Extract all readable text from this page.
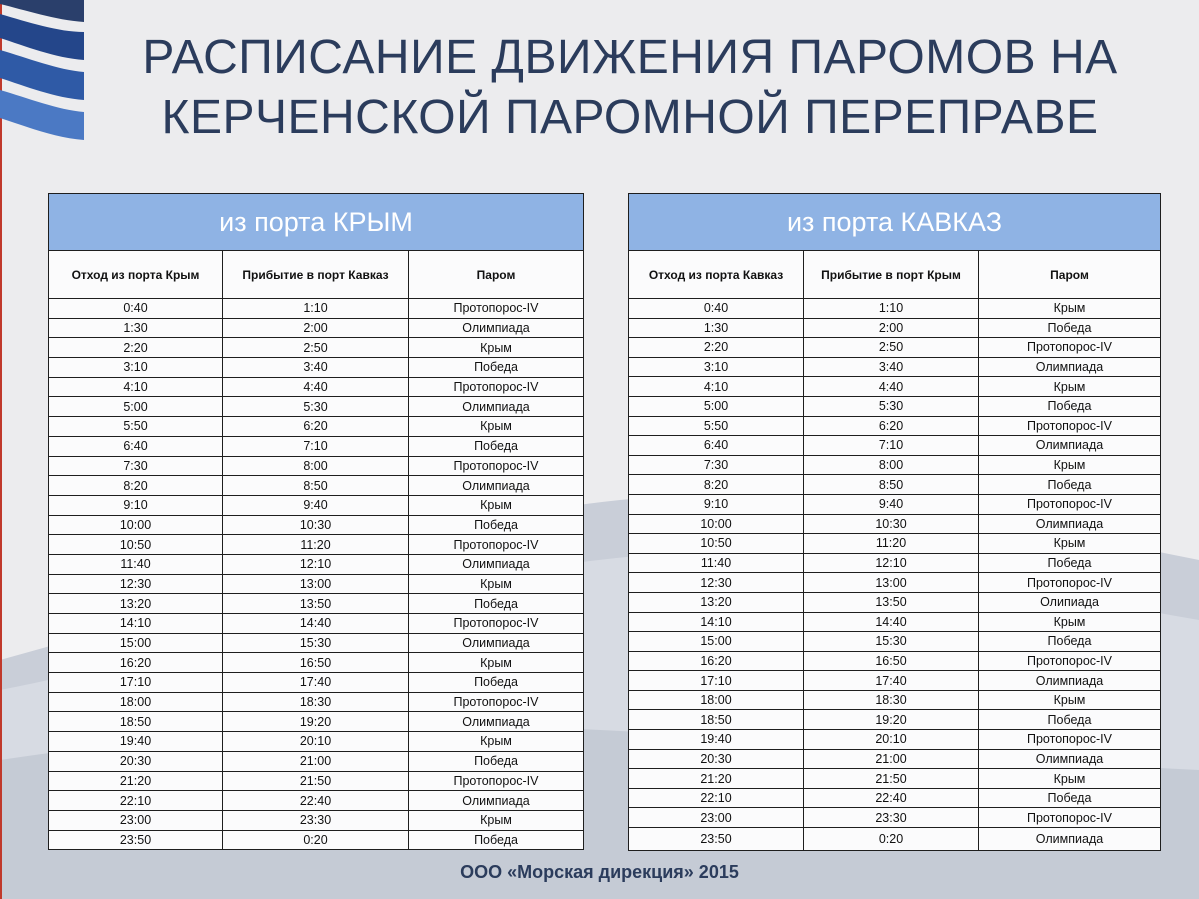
РАСПИСАНИЕ ДВИЖЕНИЯ ПАРОМОВ НА
КЕРЧЕНСКОЙ ПАРОМНОЙ ПЕРЕПРАВЕ
из порта КРЫМ		
Отход из порта Крым	Прибытие в порт Кавказ	Паром
0:40	1:10	Протопорос-IV
1:30	2:00	Олимпиада
2:20	2:50	Крым
3:10	3:40	Победа
4:10	4:40	Протопорос-IV
5:00	5:30	Олимпиада
5:50	6:20	Крым
6:40	7:10	Победа
7:30	8:00	Протопорос-IV
8:20	8:50	Олимпиада
9:10	9:40	Крым
10:00	10:30	Победа
10:50	11:20	Протопорос-IV
11:40	12:10	Олимпиада
12:30	13:00	Крым
13:20	13:50	Победа
14:10	14:40	Протопорос-IV
15:00	15:30	Олимпиада
16:20	16:50	Крым
17:10	17:40	Победа
18:00	18:30	Протопорос-IV
18:50	19:20	Олимпиада
19:40	20:10	Крым
20:30	21:00	Победа
21:20	21:50	Протопорос-IV
22:10	22:40	Олимпиада
23:00	23:30	Крым
23:50	0:20	Победа
из порта КАВКАЗ		
Отход из порта Кавказ	Прибытие в порт Крым	Паром
0:40	1:10	Крым
1:30	2:00	Победа
2:20	2:50	Протопорос-IV
3:10	3:40	Олимпиада
4:10	4:40	Крым
5:00	5:30	Победа
5:50	6:20	Протопорос-IV
6:40	7:10	Олимпиада
7:30	8:00	Крым
8:20	8:50	Победа
9:10	9:40	Протопорос-IV
10:00	10:30	Олимпиада
10:50	11:20	Крым
11:40	12:10	Победа
12:30	13:00	Протопорос-IV
13:20	13:50	Олипиада
14:10	14:40	Крым
15:00	15:30	Победа
16:20	16:50	Протопорос-IV
17:10	17:40	Олимпиада
18:00	18:30	Крым
18:50	19:20	Победа
19:40	20:10	Протопорос-IV
20:30	21:00	Олимпиада
21:20	21:50	Крым
22:10	22:40	Победа
23:00	23:30	Протопорос-IV
23:50	0:20	Олимпиада
ООО «Морская дирекция» 2015
